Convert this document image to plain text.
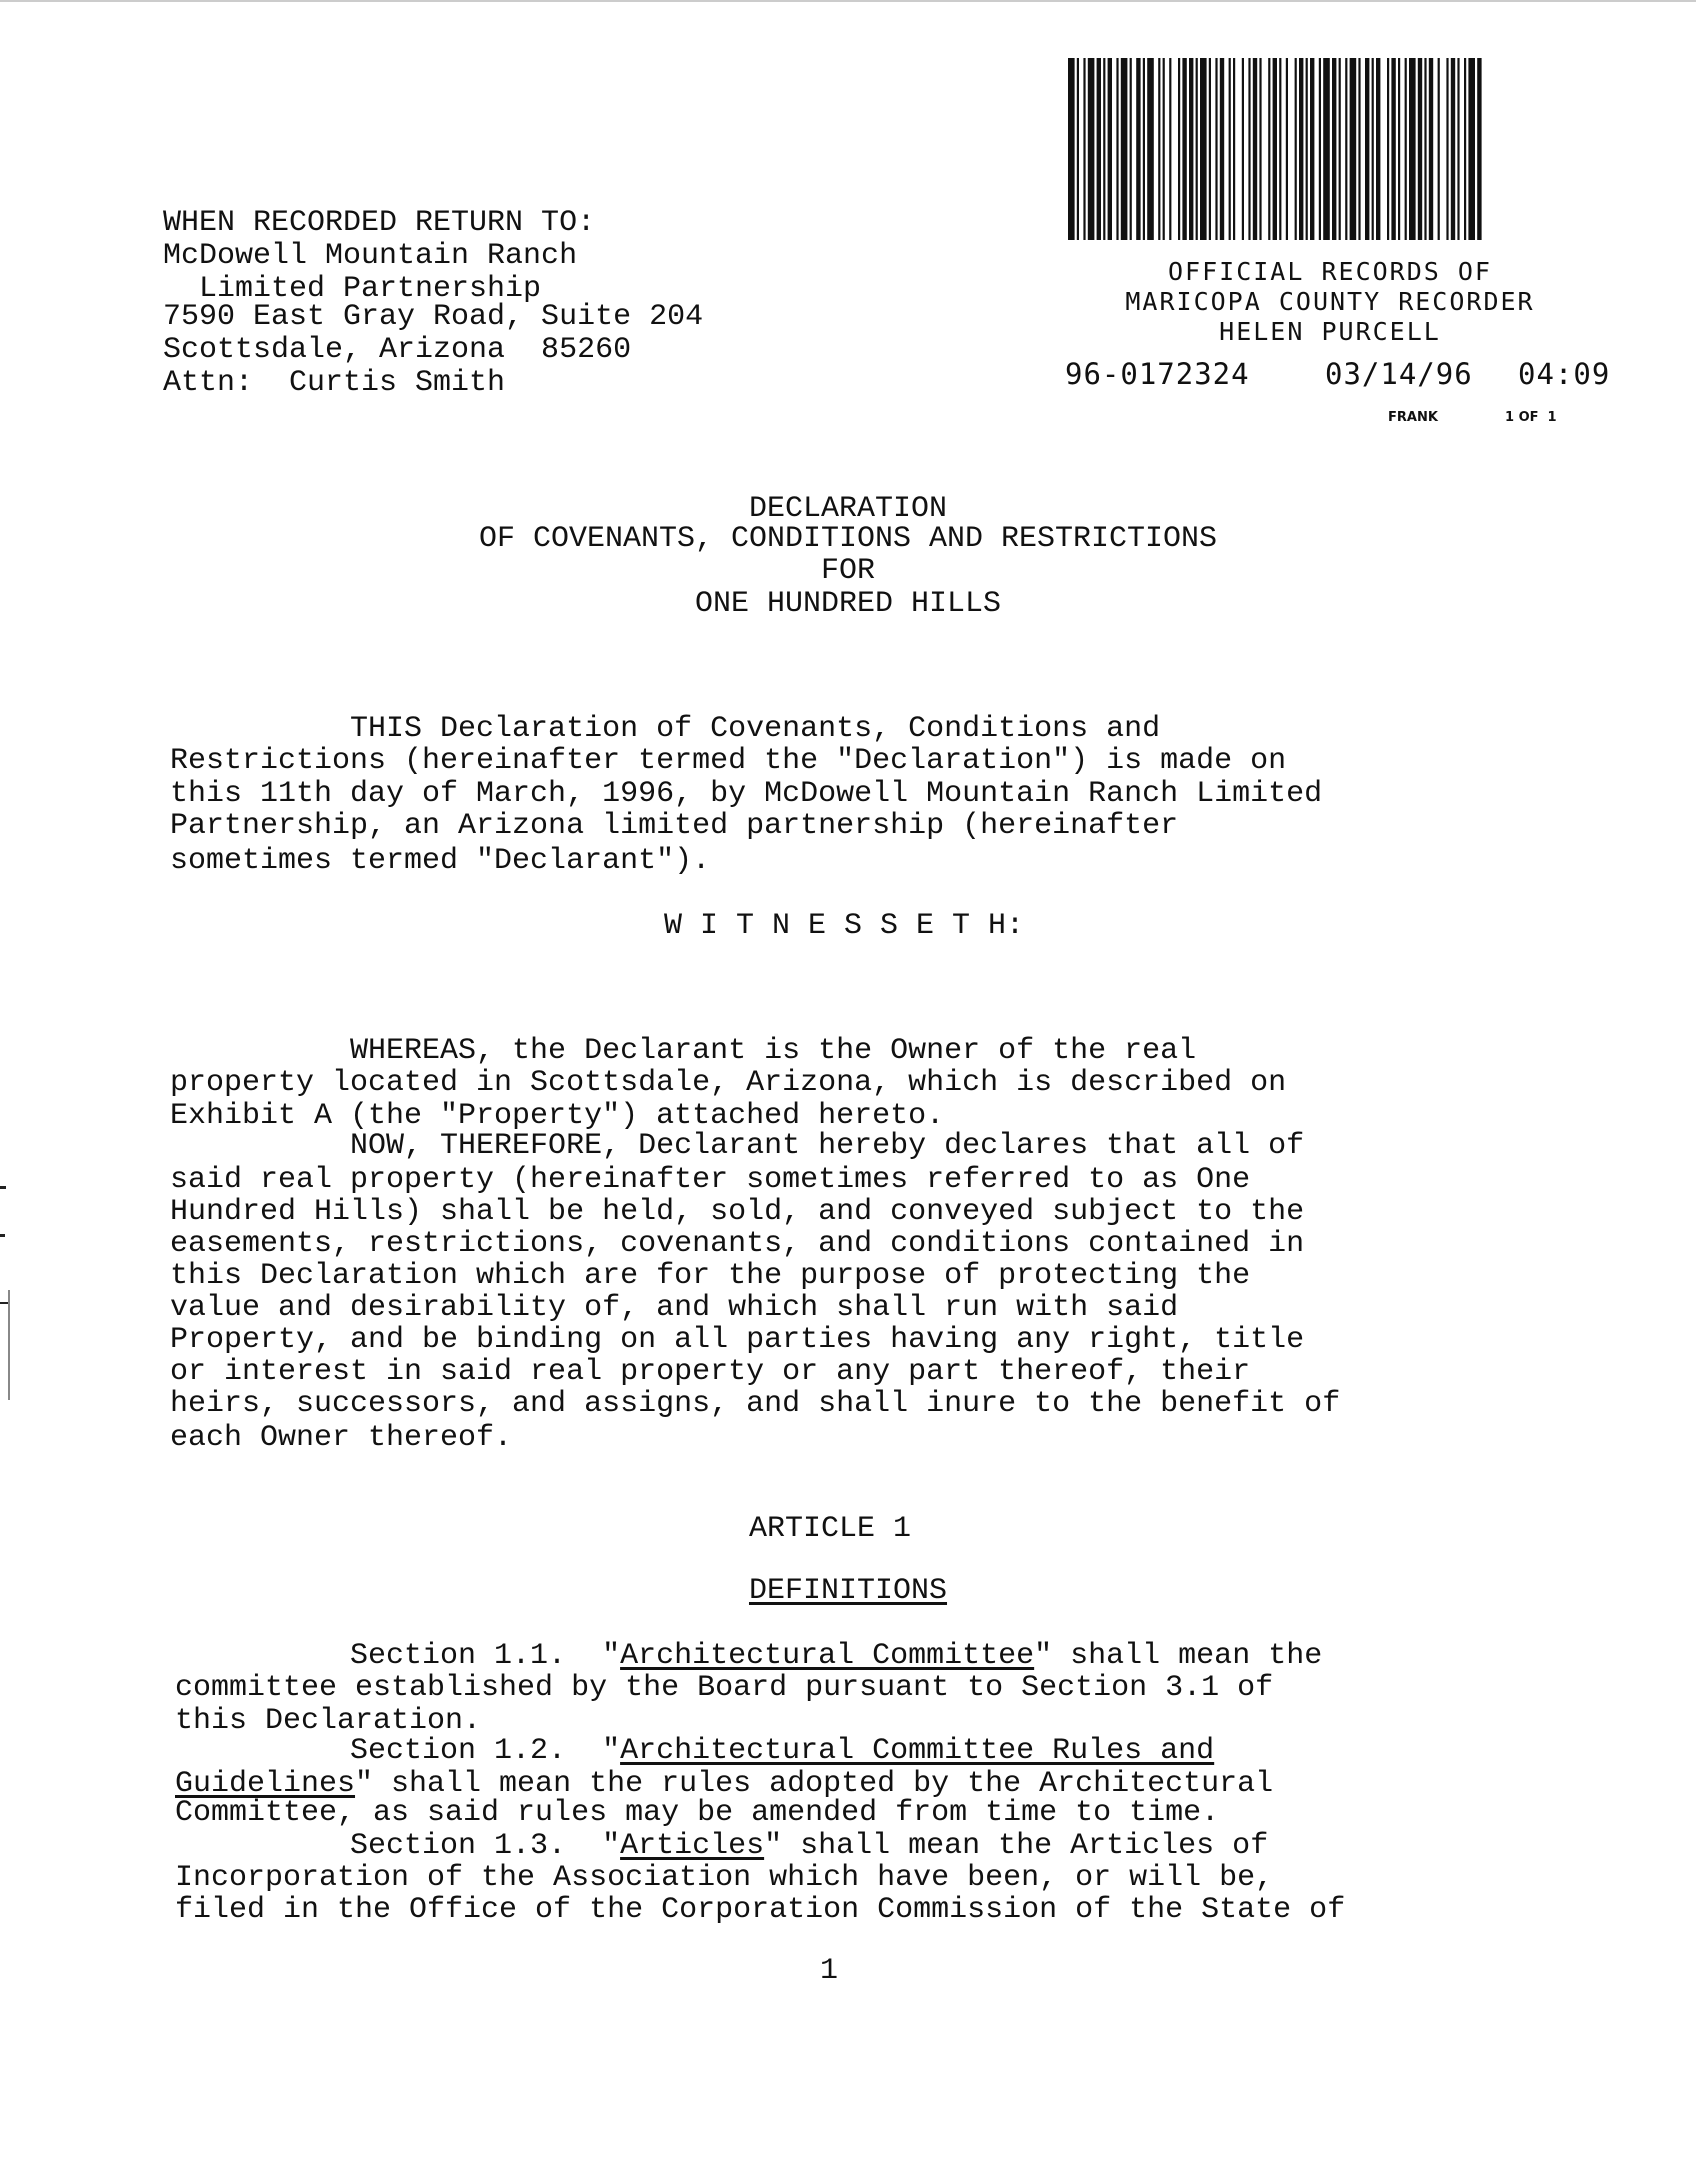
WHEN RECORDED RETURN TO:
McDowell Mountain Ranch
Limited Partnership
7590 East Gray Road, Suite 204
Scottsdale, Arizona  85260
Attn:  Curtis Smith
OFFICIAL RECORDS OF
MARICOPA COUNTY RECORDER
HELEN PURCELL
96-0172324	03/14/96 04:09
FRANK	1 OF  1
DECLARATION
OF COVENANTS, CONDITIONS AND RESTRICTIONS
FOR
ONE HUNDRED HILLS
THIS Declaration of Covenants, Conditions and
Restrictions (hereinafter termed the "Declaration") is made on
this 11th day of March, 1996, by McDowell Mountain Ranch Limited
Partnership, an Arizona limited partnership (hereinafter
sometimes termed "Declarant").
W I T N E S S E T H:
WHEREAS, the Declarant is the Owner of the real
property located in Scottsdale, Arizona, which is described on
Exhibit A (the "Property") attached hereto.
NOW, THEREFORE, Declarant hereby declares that all of
said real property (hereinafter sometimes referred to as One
Hundred Hills) shall be held, sold, and conveyed subject to the
easements, restrictions, covenants, and conditions contained in
this Declaration which are for the purpose of protecting the
value and desirability of, and which shall run with said
Property, and be binding on all parties having any right, title
or interest in said real property or any part thereof, their
heirs, successors, and assigns, and shall inure to the benefit of
each Owner thereof.
ARTICLE 1

DEFINITIONS

Section 1.1.  "Architectural Committee" shall mean the
committee established by the Board pursuant to Section 3.1 of
this Declaration.
Section 1.2.  "Architectural Committee Rules and
Guidelines" shall mean the rules adopted by the Architectural
Committee, as said rules may be amended from time to time.
Section 1.3.  "Articles" shall mean the Articles of
Incorporation of the Association which have been, or will be,
filed in the Office of the Corporation Commission of the State of
1
